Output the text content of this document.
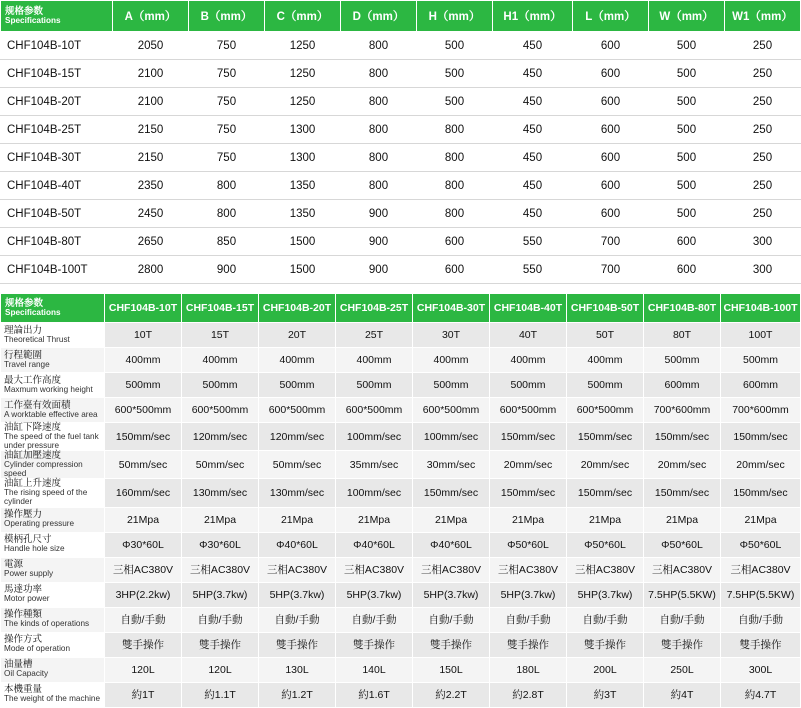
规格参数
Specifications	A（mm）	B（mm）	C（mm）	D（mm）	H（mm）	H1（mm）	L（mm）	W（mm）	W1（mm）
CHF104B-10T	2050	750	1250	800	500	450	600	500	250
CHF104B-15T	2100	750	1250	800	500	450	600	500	250
CHF104B-20T	2100	750	1250	800	500	450	600	500	250
CHF104B-25T	2150	750	1300	800	800	450	600	500	250
CHF104B-30T	2150	750	1300	800	800	450	600	500	250
CHF104B-40T	2350	800	1350	800	800	450	600	500	250
CHF104B-50T	2450	800	1350	900	800	450	600	500	250
CHF104B-80T	2650	850	1500	900	600	550	700	600	300
CHF104B-100T	2800	900	1500	900	600	550	700	600	300
规格参数
Specifications	CHF104B-10T	CHF104B-15T	CHF104B-20T	CHF104B-25T	CHF104B-30T	CHF104B-40T	CHF104B-50T	CHF104B-80T	CHF104B-100T

理論出力
Theoretical Thrust	10T	15T	20T	25T	30T	40T	50T	80T	100T

行程範圍
Travel range	400mm	400mm	400mm	400mm	400mm	400mm	400mm	500mm	500mm

最大工作高度
Maxmum working height	500mm	500mm	500mm	500mm	500mm	500mm	500mm	600mm	600mm

工作臺有效面積
A worktable effective area	600*500mm	600*500mm	600*500mm	600*500mm	600*500mm	600*500mm	600*500mm	700*600mm	700*600mm

油缸下降速度
The speed of the fuel tank under pressure	150mm/sec	120mm/sec	120mm/sec	100mm/sec	100mm/sec	150mm/sec	150mm/sec	150mm/sec	150mm/sec

油缸加壓速度
Cylinder compression speed	50mm/sec	50mm/sec	50mm/sec	35mm/sec	30mm/sec	20mm/sec	20mm/sec	20mm/sec	20mm/sec

油缸上升速度
The rising speed of the cylinder	160mm/sec	130mm/sec	130mm/sec	100mm/sec	150mm/sec	150mm/sec	150mm/sec	150mm/sec	150mm/sec

操作壓力
Operating pressure	21Mpa	21Mpa	21Mpa	21Mpa	21Mpa	21Mpa	21Mpa	21Mpa	21Mpa

模柄孔尺寸
Handle hole size	Φ30*60L	Φ30*60L	Φ40*60L	Φ40*60L	Φ40*60L	Φ50*60L	Φ50*60L	Φ50*60L	Φ50*60L

電源
Power supply	三相AC380V	三相AC380V	三相AC380V	三相AC380V	三相AC380V	三相AC380V	三相AC380V	三相AC380V	三相AC380V

馬達功率
Motor power	3HP(2.2kw)	5HP(3.7kw)	5HP(3.7kw)	5HP(3.7kw)	5HP(3.7kw)	5HP(3.7kw)	5HP(3.7kw)	7.5HP(5.5KW)	7.5HP(5.5KW)

操作種類
The kinds of operations	自動/手動	自動/手動	自動/手動	自動/手動	自動/手動	自動/手動	自動/手動	自動/手動	自動/手動

操作方式
Mode of operation	雙手操作	雙手操作	雙手操作	雙手操作	雙手操作	雙手操作	雙手操作	雙手操作	雙手操作

油量槽
Oil Capacity	120L	120L	130L	140L	150L	180L	200L	250L	300L

本機重量
The weight of the machine	約1T	約1.1T	約1.2T	約1.6T	約2.2T	約2.8T	約3T	約4T	約4.7T
